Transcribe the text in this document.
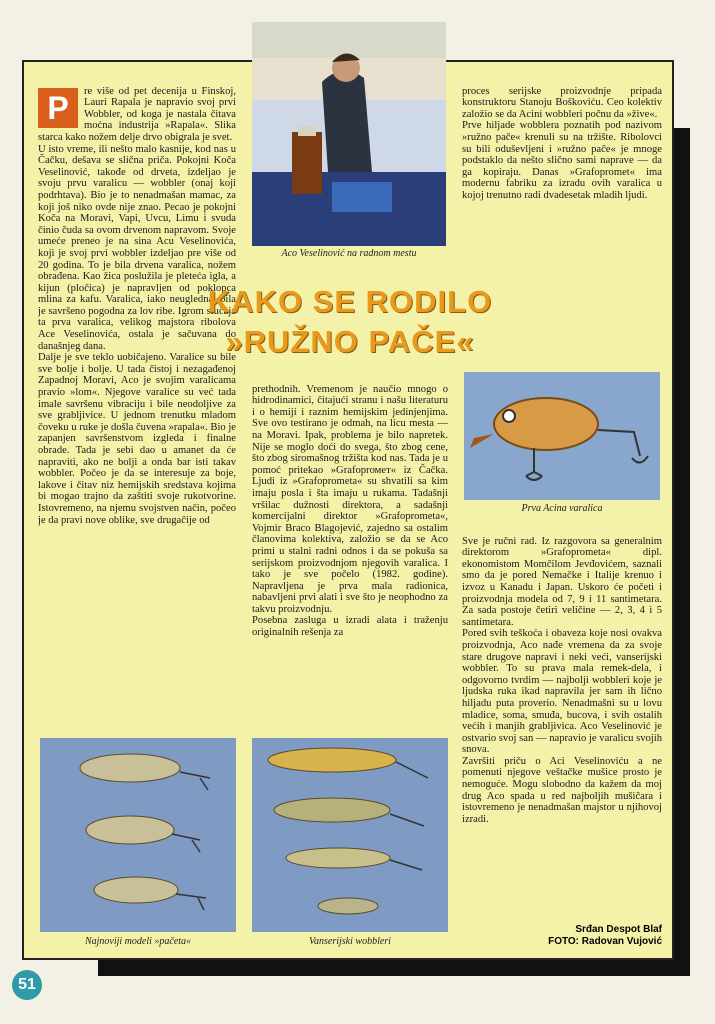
P	re više od pet decenija u Finskoj, Lauri Rapala je napravio svoj prvi Wobbler, od koga je nastala čitava moćna industrija »Rapala«. Slika starca kako nožem delje drvo obigrala je svet.
U isto vreme, ili nešto malo kasnije, kod nas u Čačku, dešava se slična priča. Pokojni Koča Veselinović, takođe od drveta, izdeljao je svoju prvu varalicu — wobbler (onaj koji podrhtava). Bio je to nenadmašan mamac, za koji još niko ovde nije znao. Pecao je pokojni Koča na Moravi, Vapi, Uvcu, Limu i svuda činio čuda sa ovom drvenom napravom. Svoje umeće preneo je na sina Acu Veselinovića, koji je svoj prvi wobbler izdeljao pre više od 20 godina. To je bila drvena varalica, nožem obrađena. Kao žica poslužila je pletećа igla, a kijun (pločica) je napravljen od poklopca mlina za kafu. Varalica, iako neugledna, bila je savršeno pogodna za lov ribe. Igrom slučaja ta prva varalica, velikog majstora ribolova Ace Veselinovića, ostala je sačuvana do današnjeg dana.
Dalje je sve teklo uobičajeno. Varalice su bile sve bolje i bolje. U tada čistoj i nezagađenoj Zapadnoj Moravi, Aco je svojim varalicama pravio »lom«. Njegove varalice su već tada imale savršenu vibraciju i bile neodoljive za sve grabljivice. U jednom trenutku mladom čoveku u ruke je došla čuvena »rapala«. Bio je zapanjen savršenstvom izgleda i finalne obrade. Tada je sebi dao u amanet da će napraviti, ako ne bolji a onda bar isti takav wobbler. Počeo je da se interesuje za boje, lakove i čitav niz hemijskih sredstava kojima bi mogao trajno da zaštiti svoje rukotvorine. Istovremeno, na njemu svojstven način, počeo je da pravi nove oblike, sve drugačije od

prethodnih. Vremenom je naučio mnogo o hidrodinamici, čitajući stranu i našu literaturu i o hemiji i raznim hemijskim jedinjenjima. Sve ovo testirano je odmah, na licu mesta — na Moravi. Ipak, problema je bilo napretek. Nije se moglo doći do svega, što zbog cene, što zbog siromašnog tržišta kod nas. Tada je u pomoć pritekao »Grafoprомет« iz Čačka. Ljudi iz »Grafoprometa« su shvatili sa kim imaju posla i šta imaju u rukama. Tadašnji vršilac dužnosti direktora, a sadašnji komercijalni direktor »Grafoprometa«, Vojmir Braco Blagojević, zajedno sa ostalim članovima kolektiva, založio se da se Aco primi u stalni radni odnos i da se pokuša sa serijskom proizvodnjom njegovih varalica. I tako je sve počelo (1982. godine). Napravljena je prva mala radionica, nabavljeni prvi alati i sve što je neophodno za takvu proizvodnju.
Posebna zasluga u izradi alata i traženju originalnih rešenja za

proces serijske proizvodnje pripada konstruktoru Stanoju Boškoviću. Ceo kolektiv založio se da Acini wobbleri počnu da »žive«.
Prve hiljade wobblera poznatih pod nazivom »ružno pače« krenuli su na tržište. Ribolovci su bili oduševljeni i »ružno pače« je mnoge podstaklo da nešto slično sami naprave — da ga kopiraju. Danas »Grafopromet« ima modernu fabriku za izradu ovih varalica u kojoj trenutno radi dvadesetak mladih ljudi.

Sve je ručni rad. Iz razgovora sa generalnim direktorom »Grafoprometa« dipl. ekonomistom Momčilom Jevđovićem, saznali smo da je pored Nemačke i Italije krenuo i izvoz u Kanadu i Japan. Uskoro će početi i proizvodnja modela od 7, 9 i 11 santimetara. Za sada postoje četiri veličine — 2, 3, 4 i 5 santimetara.
Pored svih teškoća i obaveza koje nosi ovakva proizvodnja, Aco nađe vremena da za svoje stare drugove napravi i neki veći, vanserijski wobbler. To su prava mala remek-dela, i odgovorno tvrdim — najbolji wobbleri koje je ljudska ruka ikad napravila jer sam ih lično hiljadu puta proverio. Nenadmašni su u lovu mladice, soma, smuđa, bucova, i svih ostalih većih i manjih grabljivica. Aco Veselinović je ostvario svoj san — napravio je varalicu svojih snova.
Završiti priču o Aci Veselinoviću a ne pomenuti njegove veštačke mušice prosto je nemoguće. Mogu slobodno da kažem da moj drug Aco spada u red najboljih mušičara i istovremeno je nenadmašan majstor u njihovoj izradi.

KAKO SE RODILO
»RUŽNO PAČE«
Prva Acina varalica
Najnoviji modeli »pačeta«	Vanserijski wobbleri
Srđan Despot Blaf
FOTO: Radovan Vujović
Aco Veselinović na radnom mestu
51
